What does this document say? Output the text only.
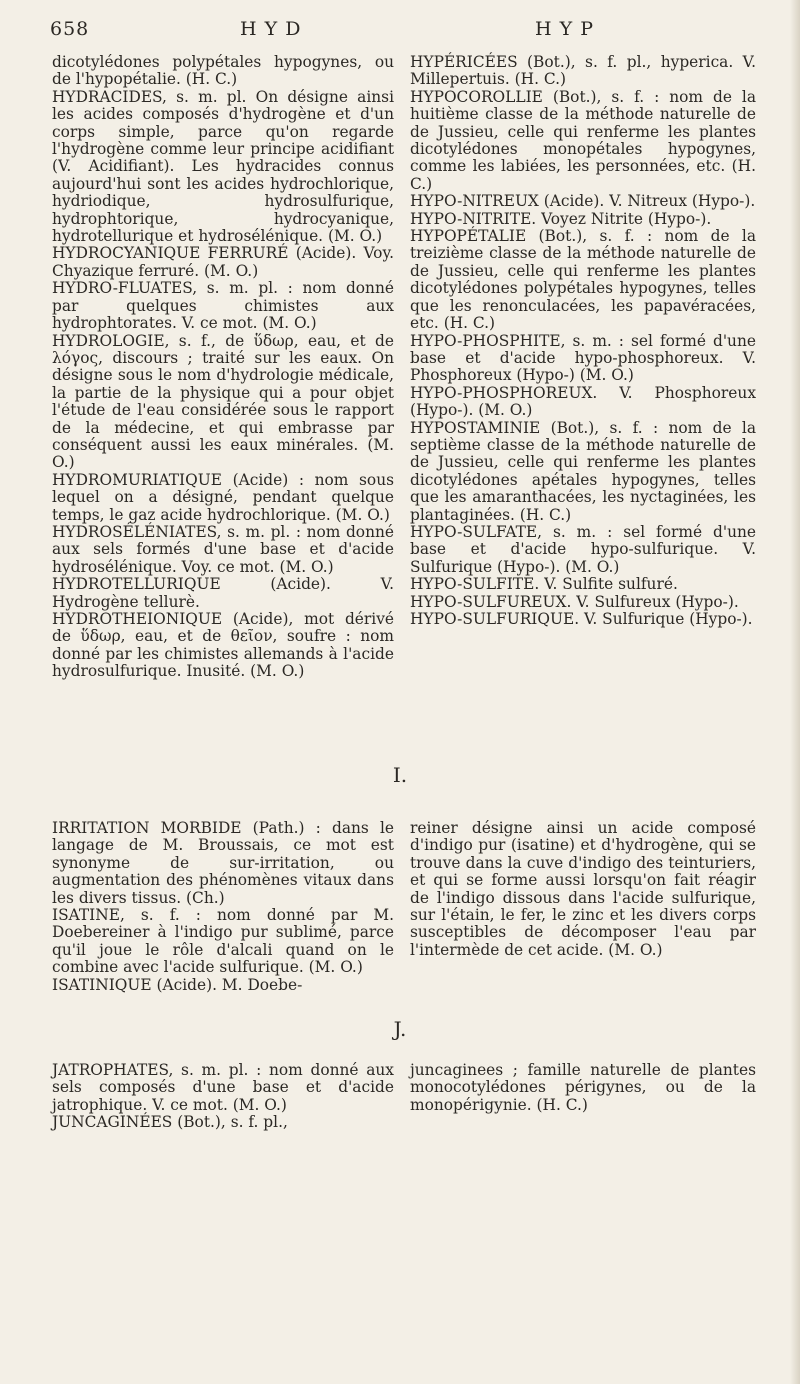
658	H Y D	H Y P

dicotylédones polypétales hypogynes, ou de l'hypopétalie. (H. C.)

HYDRACIDES, s. m. pl. On désigne ainsi les acides composés d'hydrogène et d'un corps simple, parce qu'on regarde l'hydrogène comme leur principe acidifiant (V. Acidifiant). Les hydracides connus aujourd'hui sont les acides hydrochlorique, hydriodique, hydrosulfurique, hydrophtorique, hydrocyanique, hydrotellurique et hydrosélénique. (M. O.)

HYDROCYANIQUE FERRURÉ (Acide). Voy. Chyazique ferruré. (M. O.)

HYDRO-FLUATES, s. m. pl. : nom donné par quelques chimistes aux hydrophtorates. V. ce mot. (M. O.)

HYDROLOGIE, s. f., de ὕδωρ, eau, et de λόγος, discours ; traité sur les eaux. On désigne sous le nom d'hydrologie médicale, la partie de la physique qui a pour objet l'étude de l'eau considérée sous le rapport de la médecine, et qui embrasse par conséquent aussi les eaux minérales. (M. O.)

HYDROMURIATIQUE (Acide) : nom sous lequel on a désigné, pendant quelque temps, le gaz acide hydrochlorique. (M. O.)

HYDROSÉLÉNIATES, s. m. pl. : nom donné aux sels formés d'une base et d'acide hydrosélénique. Voy. ce mot. (M. O.)

HYDROTELLURIQUE (Acide). V. Hydrogène tellurè.

HYDROTHEIONIQUE (Acide), mot dérivé de ὕδωρ, eau, et de θεῖον, soufre : nom donné par les chimistes allemands à l'acide hydrosulfurique. Inusité. (M. O.)

HYPÉRICÉES (Bot.), s. f. pl., hyperica. V. Millepertuis. (H. C.)

HYPOCOROLLIE (Bot.), s. f. : nom de la huitième classe de la méthode naturelle de de Jussieu, celle qui renferme les plantes dicotylédones monopétales hypogynes, comme les labiées, les personnées, etc. (H. C.)

HYPO-NITREUX (Acide). V. Nitreux (Hypo-).

HYPO-NITRITE. Voyez Nitrite (Hypo-).

HYPOPÉTALIE (Bot.), s. f. : nom de la treizième classe de la méthode naturelle de de Jussieu, celle qui renferme les plantes dicotylédones polypétales hypogynes, telles que les renonculacées, les papavéracées, etc. (H. C.)

HYPO-PHOSPHITE, s. m. : sel formé d'une base et d'acide hypo-phosphoreux. V. Phosphoreux (Hypo-) (M. O.)

HYPO-PHOSPHOREUX. V. Phosphoreux (Hypo-). (M. O.)

HYPOSTAMINIE (Bot.), s. f. : nom de la septième classe de la méthode naturelle de de Jussieu, celle qui renferme les plantes dicotylédones apétales hypogynes, telles que les amaranthacées, les nyctaginées, les plantaginées. (H. C.)

HYPO-SULFATE, s. m. : sel formé d'une base et d'acide hypo-sulfurique. V. Sulfurique (Hypo-). (M. O.)

HYPO-SULFITE. V. Sulfite sulfuré.

HYPO-SULFUREUX. V. Sulfureux (Hypo-).

HYPO-SULFURIQUE. V. Sulfurique (Hypo-).

I.

IRRITATION MORBIDE (Path.) : dans le langage de M. Broussais, ce mot est synonyme de sur-irritation, ou augmentation des phénomènes vitaux dans les divers tissus. (Ch.)

ISATINE, s. f. : nom donné par M. Doebereiner à l'indigo pur sublimé, parce qu'il joue le rôle d'alcali quand on le combine avec l'acide sulfurique. (M. O.)

ISATINIQUE (Acide). M. Doebe-

reiner désigne ainsi un acide composé d'indigo pur (isatine) et d'hydrogène, qui se trouve dans la cuve d'indigo des teinturiers, et qui se forme aussi lorsqu'on fait réagir de l'indigo dissous dans l'acide sulfurique, sur l'étain, le fer, le zinc et les divers corps susceptibles de décomposer l'eau par l'intermède de cet acide. (M. O.)

J.

JATROPHATES, s. m. pl. : nom donné aux sels composés d'une base et d'acide jatrophique. V. ce mot. (M. O.)

JUNCAGINÉES (Bot.), s. f. pl.,

juncaginees ; famille naturelle de plantes monocotylédones périgynes, ou de la monopérigynie. (H. C.)
